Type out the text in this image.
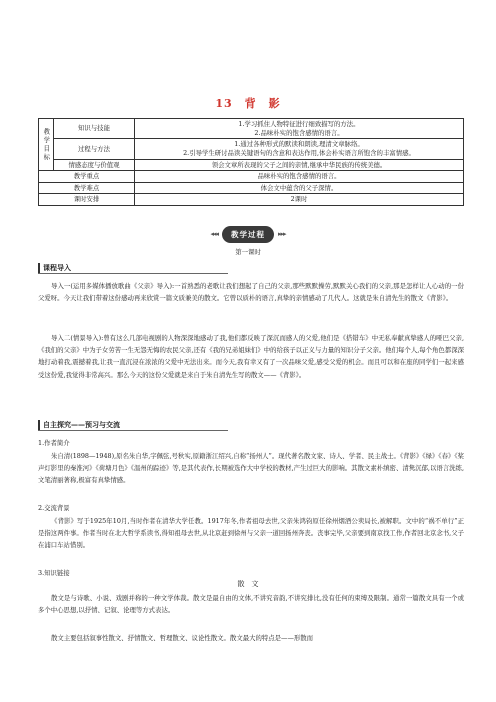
13　背　影
教学目标	知识与技能	1.学习抓住人物特征进行细致描写的方法。
2.品味朴实的饱含感情的语言。

	过程与方法	1.通过各种形式的默读和朗读,理清文章脉络。
2.引导学生研讨品读关键语句的含意和表达作用,体会朴实语言所饱含的丰富情感。

	情感态度与价值观	领会文章所表现的父子之间的亲情,继承中华民族的传统美德。
教学重点		品味朴实的饱含感情的语言。
教学难点		体会文中蕴含的父子深情。
课时安排		2课时
◂◂◂	教学过程	▸▸▸
第一课时
课程导入

导入一(运用多媒体播放歌曲《父亲》导入):一首熟悉的老歌让我们想起了自己的父亲,那些默默操劳,默默关心我们的父亲,那是怎样让人心动的一份父爱呀。今天让我们带着这份感动再来欣赏一篇文质兼美的散文。它曾以质朴的语言,真挚的亲情感动了几代人。这就是朱自清先生的散文《背影》。

导入二(情景导入):曾有这么几部电视剧的人物深深地感动了我,他们都反映了深沉而感人的父爱,他们是《搭错车》中无私奉献真挚感人的哑巴父亲,《我们的父亲》中为子女劳苦一生无怨无悔的农民父亲,还有《我的兄弟姐妹们》中的给孩子以正义与力量的知识分子父亲。他们每个人,每个角色都深深地打动着我,震撼着我,让我一直沉浸在浓浓的父爱中无法出来。而今天,我有幸又有了一次品味父爱,感受父爱的机会。而且可以和在座的同学们一起来感受这份爱,我觉得非常高兴。那么今天的这份父爱就是来自于朱自清先生写的散文——《背影》。

自主探究——预习与交流

1.作者简介

朱自清(1898—1948),原名朱自华,字佩弦,号秋实,原籍浙江绍兴,自称“扬州人”。现代著名散文家、诗人、学者、民主战士。《背影》《绿》《春》《桨声灯影里的秦淮河》《荷塘月色》《温州的踪迹》等,是其代表作,长期被选作大中学校的教材,产生过巨大的影响。其散文素朴缜密、清隽沉郁,以语言洗练,文笔清丽著称,极富有真挚情感。

2.交流背景

《背影》写于1925年10月,当时作者在清华大学任教。1917年冬,作者祖母去世,父亲朱鸿钧原任徐州烟酒公卖局长,被解职。文中的“祸不单行”正是指这两件事。作者当时在北大哲学系读书,得知祖母去世,从北京赶到徐州与父亲一道回扬州奔丧。丧事完毕,父亲要到南京找工作,作者回北京念书,父子在浦口车站惜别。

3.知识链接

散　文

散文是与诗歌、小说、戏剧并称的一种文学体裁。散文是最自由的文体,不讲究音韵,不讲究排比,没有任何的束缚及限制。通常一篇散文具有一个或多个中心思想,以抒情、记叙、论理等方式表达。

散文主要包括叙事性散文、抒情散文、哲理散文、议论性散文。散文最大的特点是——形散而
